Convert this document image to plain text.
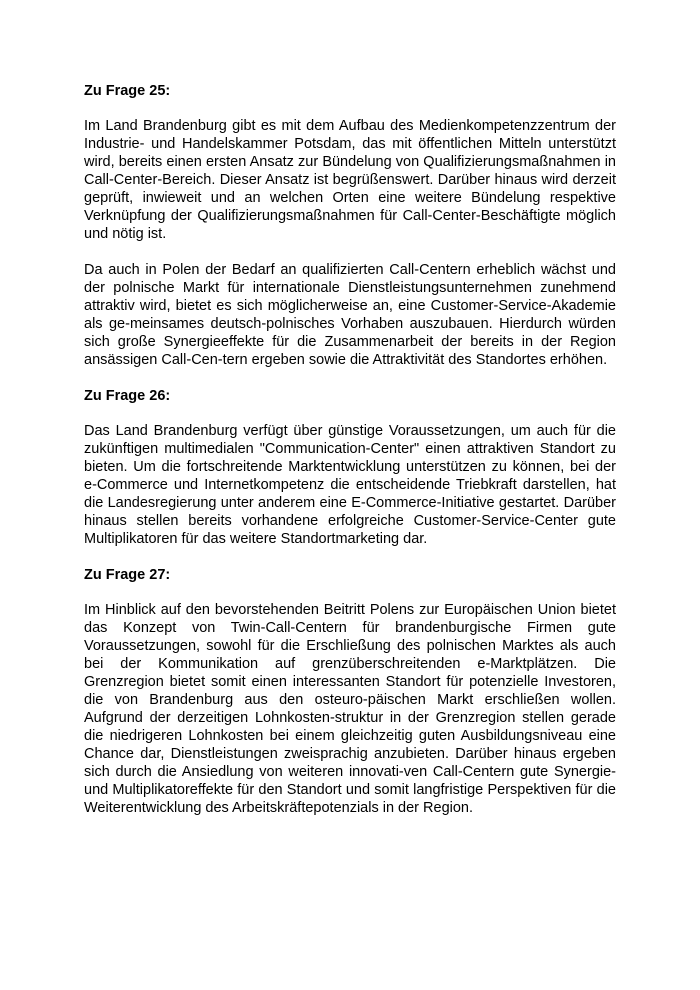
Zu Frage 25:

Im Land Brandenburg gibt es mit dem Aufbau des Medienkompetenzzentrum der Industrie- und Handelskammer Potsdam, das mit öffentlichen Mitteln unterstützt wird, bereits einen ersten Ansatz zur Bündelung von Qualifizierungsmaßnahmen in Call-Center-Bereich. Dieser Ansatz ist begrüßenswert. Darüber hinaus wird derzeit geprüft, inwieweit und an welchen Orten eine weitere Bündelung respektive Verknüpfung der Qualifizierungsmaßnahmen für Call-Center-Beschäftigte möglich und nötig ist.

Da auch in Polen der Bedarf an qualifizierten Call-Centern erheblich wächst und der polnische Markt für internationale Dienstleistungsunternehmen zunehmend attraktiv wird, bietet es sich möglicherweise an, eine Customer-Service-Akademie als ge-meinsames deutsch-polnisches Vorhaben auszubauen. Hierdurch würden sich große Synergieeffekte für die Zusammenarbeit der bereits in der Region ansässigen Call-Cen-tern ergeben sowie die Attraktivität des Standortes erhöhen.

Zu Frage 26:

Das Land Brandenburg verfügt über günstige Voraussetzungen, um auch für die zukünftigen multimedialen "Communication-Center" einen attraktiven Standort zu bieten. Um die fortschreitende Marktentwicklung unterstützen zu können, bei der e-Commerce und Internetkompetenz die entscheidende Triebkraft darstellen, hat die Landesregierung unter anderem eine E-Commerce-Initiative gestartet. Darüber hinaus stellen bereits vorhandene erfolgreiche Customer-Service-Center gute Multiplikatoren für das weitere Standortmarketing dar.

Zu Frage 27:

Im Hinblick auf den bevorstehenden Beitritt Polens zur Europäischen Union bietet das Konzept von Twin-Call-Centern für brandenburgische Firmen gute Voraussetzungen, sowohl für die Erschließung des polnischen Marktes als auch bei der Kommunikation auf grenzüberschreitenden e-Marktplätzen. Die Grenzregion bietet somit einen interessanten Standort für potenzielle Investoren, die von Brandenburg aus den osteuro-päischen Markt erschließen wollen. Aufgrund der derzeitigen Lohnkosten-struktur in der Grenzregion stellen gerade die niedrigeren Lohnkosten bei einem gleichzeitig guten Ausbildungsniveau eine Chance dar, Dienstleistungen zweisprachig anzubieten. Darüber hinaus ergeben sich durch die Ansiedlung von weiteren innovati-ven Call-Centern gute Synergie- und Multiplikatoreffekte für den Standort und somit langfristige Perspektiven für die Weiterentwicklung des Arbeitskräftepotenzials in der Region.
